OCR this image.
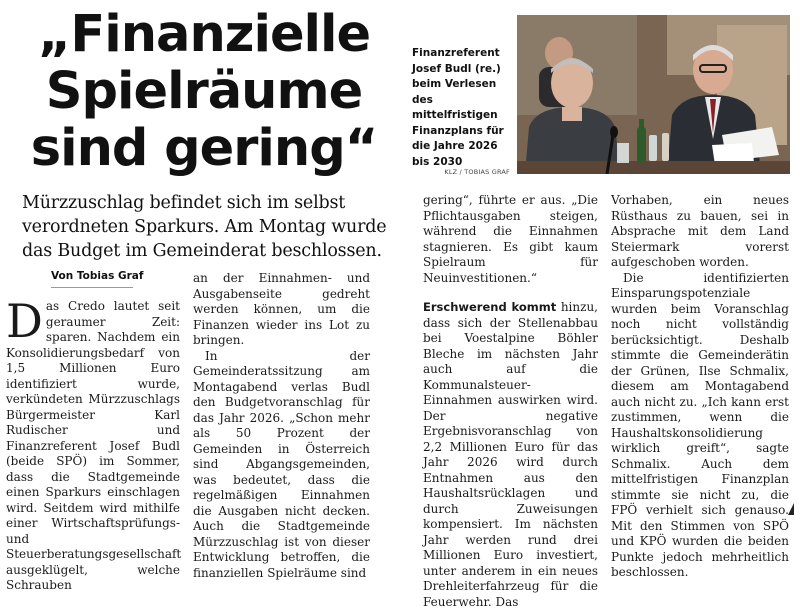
„Finanzielle Spielräume sind gering“

Mürzzuschlag befindet sich im selbst verordneten Sparkurs. Am Montag wurde das Budget im Gemeinderat beschlossen.

Finanzreferent Josef Budl (re.) beim Verlesen des mittelfristigen Finanzplans für die Jahre 2026 bis 2030
KLZ / TOBIAS GRAF
Von Tobias Graf

Das Credo lautet seit geraumer Zeit: sparen. Nachdem ein Konsolidierungsbedarf von 1,5 Millionen Euro identifiziert wurde, verkündeten Mürzzuschlags Bürgermeister Karl Rudischer und Finanzreferent Josef Budl (beide SPÖ) im Sommer, dass die Stadtgemeinde einen Sparkurs einschlagen wird. Seitdem wird mithilfe einer Wirtschaftsprüfungs- und Steuerberatungsgesellschaft ausgeklügelt, welche Schrauben

an der Einnahmen- und Ausgabenseite gedreht werden können, um die Finanzen wieder ins Lot zu bringen.

In der Gemeinderatssitzung am Montagabend verlas Budl den Budgetvoranschlag für das Jahr 2026. „Schon mehr als 50 Prozent der Gemeinden in Österreich sind Abgangsgemeinden, was bedeutet, dass die regelmäßigen Einnahmen die Ausgaben nicht decken. Auch die Stadtgemeinde Mürzzuschlag ist von dieser Entwicklung betroffen, die finanziellen Spielräume sind

gering“, führte er aus. „Die Pflichtausgaben steigen, während die Einnahmen stagnieren. Es gibt kaum Spielraum für Neuinvestitionen.“

Erschwerend kommt hinzu, dass sich der Stellenabbau bei Voestalpine Böhler Bleche im nächsten Jahr auch auf die Kommunalsteuer-Einnahmen auswirken wird. Der negative Ergebnisvoranschlag von 2,2 Millionen Euro für das Jahr 2026 wird durch Entnahmen aus den Haushaltsrücklagen und durch Zuweisungen kompensiert. Im nächsten Jahr werden rund drei Millionen Euro investiert, unter anderem in ein neues Drehleiterfahrzeug für die Feuerwehr. Das

Vorhaben, ein neues Rüsthaus zu bauen, sei in Absprache mit dem Land Steiermark vorerst aufgeschoben worden.

Die identifizierten Einsparungspotenziale wurden beim Voranschlag noch nicht vollständig berücksichtigt. Deshalb stimmte die Gemeinderätin der Grünen, Ilse Schmalix, diesem am Montagabend auch nicht zu. „Ich kann erst zustimmen, wenn die Haushaltskonsolidierung wirklich greift“, sagte Schmalix. Auch dem mittelfristigen Finanzplan stimmte sie nicht zu, die FPÖ verhielt sich genauso. Mit den Stimmen von SPÖ und KPÖ wurden die beiden Punkte jedoch mehrheitlich beschlossen.
